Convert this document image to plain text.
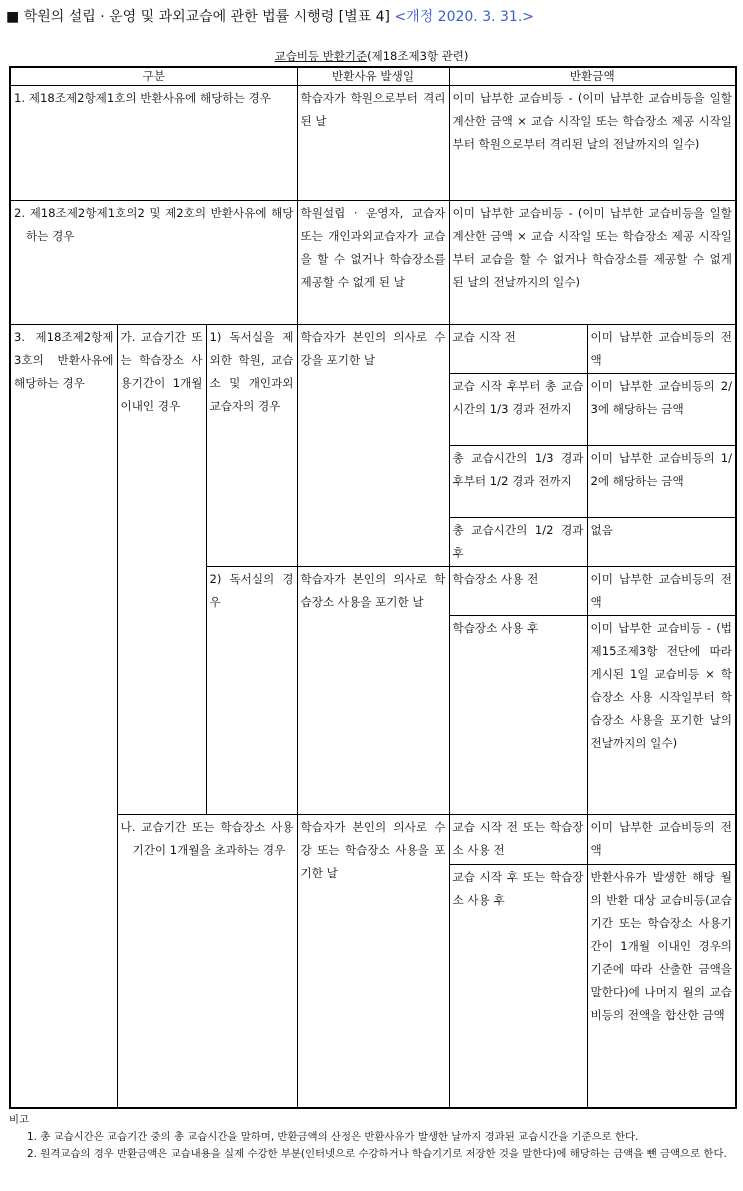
■ 학원의 설립 · 운영 및 과외교습에 관한 법률 시행령 [별표 4] <개정 2020. 3. 31.>
교습비등 반환기준(제18조제3항 관련)
구분			반환사유 발생일	반환금액	

1. 제18조제2항제1호의 반환사유에 해당하는 경우			학습자가 학원으로부터 격리된 날	이미 납부한 교습비등 - (이미 납부한 교습비등을 일할계산한 금액 × 교습 시작일 또는 학습장소 제공 시작일부터 학원으로부터 격리된 날의 전날까지의 일수)	

2. 제18조제2항제1호의2 및 제2호의 반환사유에 해당하는 경우			학원설립 · 운영자, 교습자 또는 개인과외교습자가 교습을 할 수 없거나 학습장소를 제공할 수 없게 된 날	이미 납부한 교습비등 - (이미 납부한 교습비등을 일할계산한 금액 × 교습 시작일 또는 학습장소 제공 시작일부터 교습을 할 수 없거나 학습장소를 제공할 수 없게 된 날의 전날까지의 일수)	
3. 제18조제2항제3호의 반환사유에 해당하는 경우	가. 교습기간 또는 학습장소 사용기간이 1개월 이내인 경우	1) 독서실을 제외한 학원, 교습소 및 개인과외교습자의 경우	학습자가 본인의 의사로 수강을 포기한 날	교습 시작 전	이미 납부한 교습비등의 전액
				교습 시작 후부터 총 교습시간의 1/3 경과 전까지	이미 납부한 교습비등의 2/3에 해당하는 금액
				총 교습시간의 1/3 경과 후부터 1/2 경과 전까지	이미 납부한 교습비등의 1/2에 해당하는 금액
				총 교습시간의 1/2 경과 후	없음
		2) 독서실의 경우	학습자가 본인의 의사로 학습장소 사용을 포기한 날	학습장소 사용 전	이미 납부한 교습비등의 전액
				학습장소 사용 후	이미 납부한 교습비등 - (법 제15조제3항 전단에 따라 게시된 1일 교습비등 × 학습장소 사용 시작일부터 학습장소 사용을 포기한 날의 전날까지의 일수)

	나. 교습기간 또는 학습장소 사용기간이 1개월을 초과하는 경우		학습자가 본인의 의사로 수강 또는 학습장소 사용을 포기한 날	교습 시작 전 또는 학습장소 사용 전	이미 납부한 교습비등의 전액
				교습 시작 후 또는 학습장소 사용 후	반환사유가 발생한 해당 월의 반환 대상 교습비등(교습기간 또는 학습장소 사용기간이 1개월 이내인 경우의 기준에 따라 산출한 금액을 말한다)에 나머지 월의 교습비등의 전액을 합산한 금액
비고
1. 총 교습시간은 교습기간 중의 총 교습시간을 말하며, 반환금액의 산정은 반환사유가 발생한 날까지 경과된 교습시간을 기준으로 한다.
2. 원격교습의 경우 반환금액은 교습내용을 실제 수강한 부분(인터넷으로 수강하거나 학습기기로 저장한 것을 말한다)에 해당하는 금액을 뺀 금액으로 한다.
